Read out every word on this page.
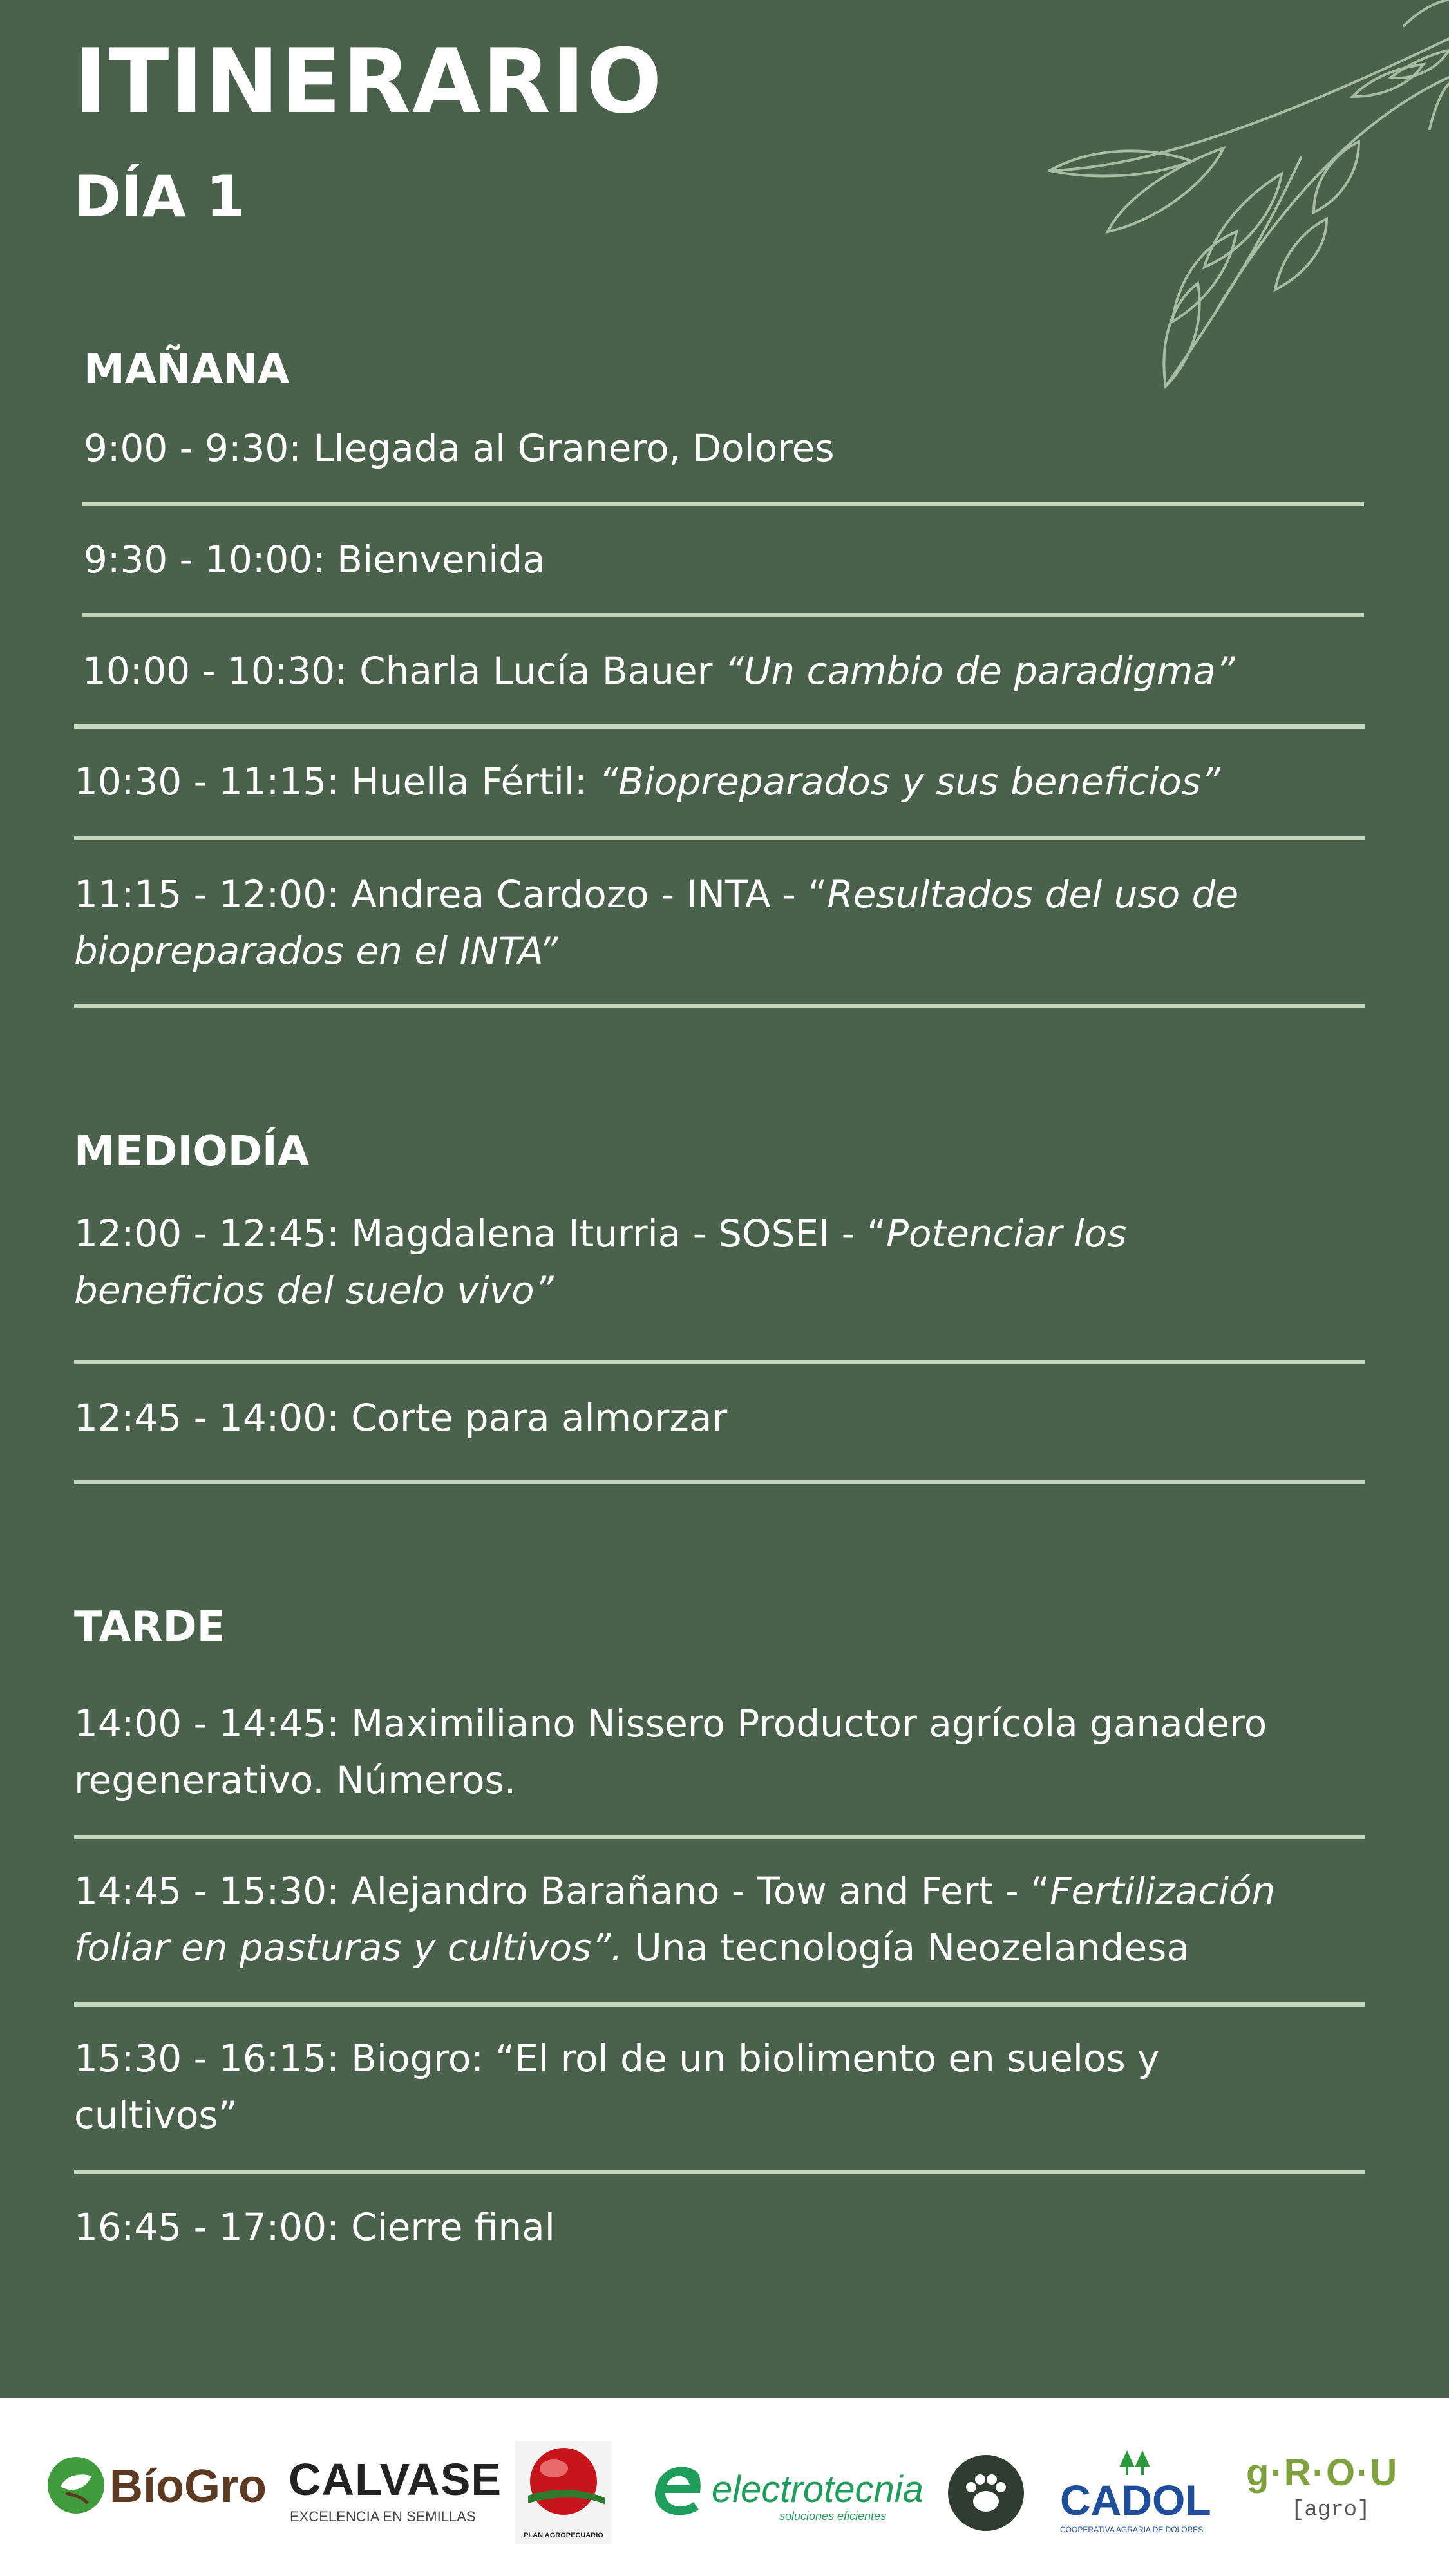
ITINERARIO
DÍA 1
MAÑANA
9:00 - 9:30: Llegada al Granero, Dolores
9:30 - 10:00: Bienvenida
10:00 - 10:30: Charla Lucía Bauer “Un cambio de paradigma”
10:30 - 11:15: Huella Fértil: “Biopreparados y sus beneficios”
11:15 - 12:00: Andrea Cardozo - INTA - “Resultados del uso de
biopreparados en el INTA”
MEDIODÍA
12:00 - 12:45: Magdalena Iturria - SOSEI - “Potenciar los
beneficios del suelo vivo”
12:45 - 14:00: Corte para almorzar
TARDE
14:00 - 14:45: Maximiliano Nissero Productor agrícola ganadero
regenerativo. Números.
14:45 - 15:30: Alejandro Barañano - Tow and Fert - “Fertilización
foliar en pasturas y cultivos”. Una tecnología Neozelandesa
15:30 - 16:15: Biogro: “El rol de un biolimento en suelos y
cultivos”
16:45 - 17:00: Cierre final
BíoGro CALVASE
EXCELENCIA EN SEMILLAS
PLAN AGROPECUARIO
electrotecnia
soluciones eficientes	CADOL
COOPERATIVA AGRARIA DE DOLORES
g·R·O·U
[agro]
